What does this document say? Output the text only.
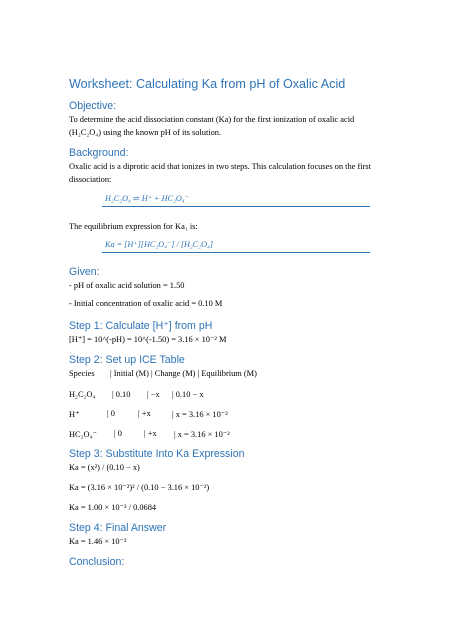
Worksheet: Calculating Ka from pH of Oxalic Acid
Objective:
To determine the acid dissociation constant (Ka) for the first ionization of oxalic acid
(H₂C₂O₄) using the known pH of its solution.
Background:
Oxalic acid is a diprotic acid that ionizes in two steps. This calculation focuses on the first
dissociation:
H₂C₂O₄ ⇌ H⁺ + HC₂O₄⁻
The equilibrium expression for Ka₁ is:
Ka = [H⁺][HC₂O₄⁻] / [H₂C₂O₄]
Given:
- pH of oxalic acid solution = 1.50
- Initial concentration of oxalic acid = 0.10 M
Step 1: Calculate [H⁺] from pH
[H⁺] = 10^(-pH) = 10^(-1.50) = 3.16 × 10⁻² M
Step 2: Set up ICE Table
Species | Initial (M) | Change (M) | Equilibrium (M)
H₂C₂O₄ | 0.10 | −x | 0.10 − x
H⁺	| 0	| +x	| x = 3.16 × 10⁻²
HC₂O₄⁻ | 0	| +x | x = 3.16 × 10⁻²
Step 3: Substitute Into Ka Expression
Ka = (x²) / (0.10 − x)
Ka = (3.16 × 10⁻²)² / (0.10 − 3.16 × 10⁻²)
Ka = 1.00 × 10⁻³ / 0.0684
Step 4: Final Answer
Ka = 1.46 × 10⁻²
Conclusion:
